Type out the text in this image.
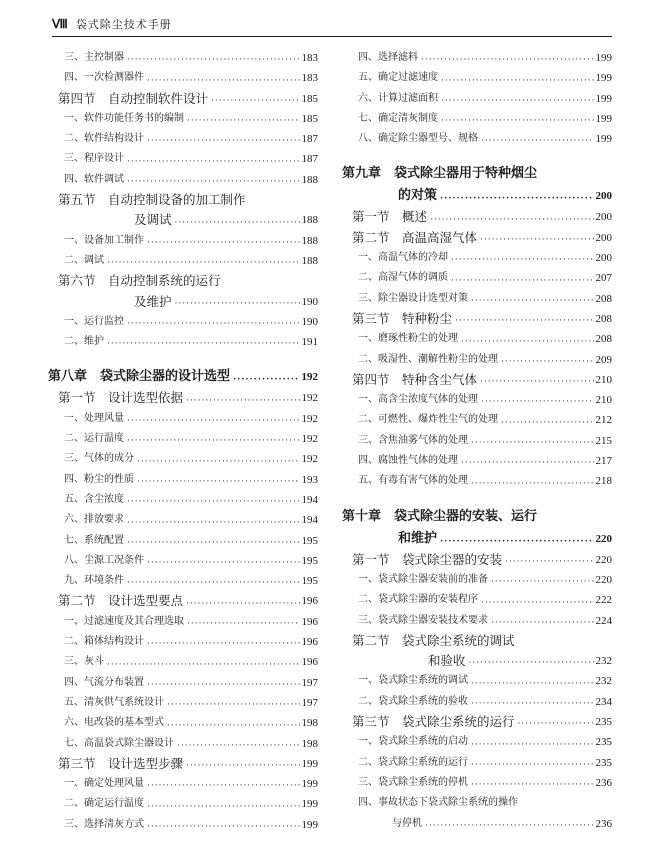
Ⅷ 袋式除尘技术手册
三、主控制器 ·····	183
四、一次检测器件 ·····	183
第四节　自动控制软件设计 ·····	185
一、软件功能任务书的编制 ·····	185
二、软件结构设计 ·····	187
三、程序设计 ·····	187
四、软件调试 ·····	188
第五节　自动控制设备的加工制作
及调试 ·····	188
一、设备加工制作 ·····	188
二、调试 ·····	188
第六节　自动控制系统的运行
及维护 ·····	190
一、运行监控 ·····	190
二、维护 ·····	191
第八章　袋式除尘器的设计选型 ·····	192
第一节　设计选型依据 ·····	192
一、处理风量 ·····	192
二、运行温度 ·····	192
三、气体的成分 ·····	192
四、粉尘的性质 ·····	193
五、含尘浓度 ·····	194
六、排放要求 ·····	194
七、系统配置 ·····	195
八、尘源工况条件 ·····	195
九、环境条件 ·····	195
第二节　设计选型要点 ·····	196
一、过滤速度及其合理选取 ·····	196
二、箱体结构设计 ·····	196
三、灰斗 ·····	196
四、气流分布装置 ·····	197
五、清灰供气系统设计 ·····	197
六、电改袋的基本型式 ·····	198
七、高温袋式除尘器设计 ·····	198
第三节　设计选型步骤 ·····	199
一、确定处理风量 ·····	199
二、确定运行温度 ·····	199
三、选择清灰方式 ·····	199
四、选择滤料 ·····	199
五、确定过滤速度 ·····	199
六、计算过滤面积 ·····	199
七、确定清灰制度 ·····	199
八、确定除尘器型号、规格 ·····	199
第九章　袋式除尘器用于特种烟尘
的对策 ·····	200
第一节　概述 ·····	200
第二节　高温高湿气体 ·····	200
一、高温气体的冷却 ·····	200
二、高湿气体的调质 ·····	207
三、除尘器设计选型对策 ·····	208
第三节　特种粉尘 ·····	208
一、磨琢性粉尘的处理 ·····	208
二、吸湿性、潮解性粉尘的处理 ·····	209
第四节　特种含尘气体 ·····	210
一、高含尘浓度气体的处理 ·····	210
二、可燃性、爆炸性尘气的处理 ·····	212
三、含焦油雾气体的处理 ·····	215
四、腐蚀性气体的处理 ·····	217
五、有毒有害气体的处理 ·····	218
第十章　袋式除尘器的安装、运行
和维护 ·····	220
第一节　袋式除尘器的安装 ·····	220
一、袋式除尘器安装前的准备 ·····	220
二、袋式除尘器的安装程序 ·····	222
三、袋式除尘器安装技术要求 ·····	224
第二节　袋式除尘系统的调试
和验收 ·····	232
一、袋式除尘系统的调试 ·····	232
二、袋式除尘系统的验收 ·····	234
第三节　袋式除尘系统的运行 ·····	235
一、袋式除尘系统的启动 ·····	235
二、袋式除尘系统的运行 ·····	235
三、袋式除尘系统的停机 ·····	236
四、事故状态下袋式除尘系统的操作
与停机 ·····	236
